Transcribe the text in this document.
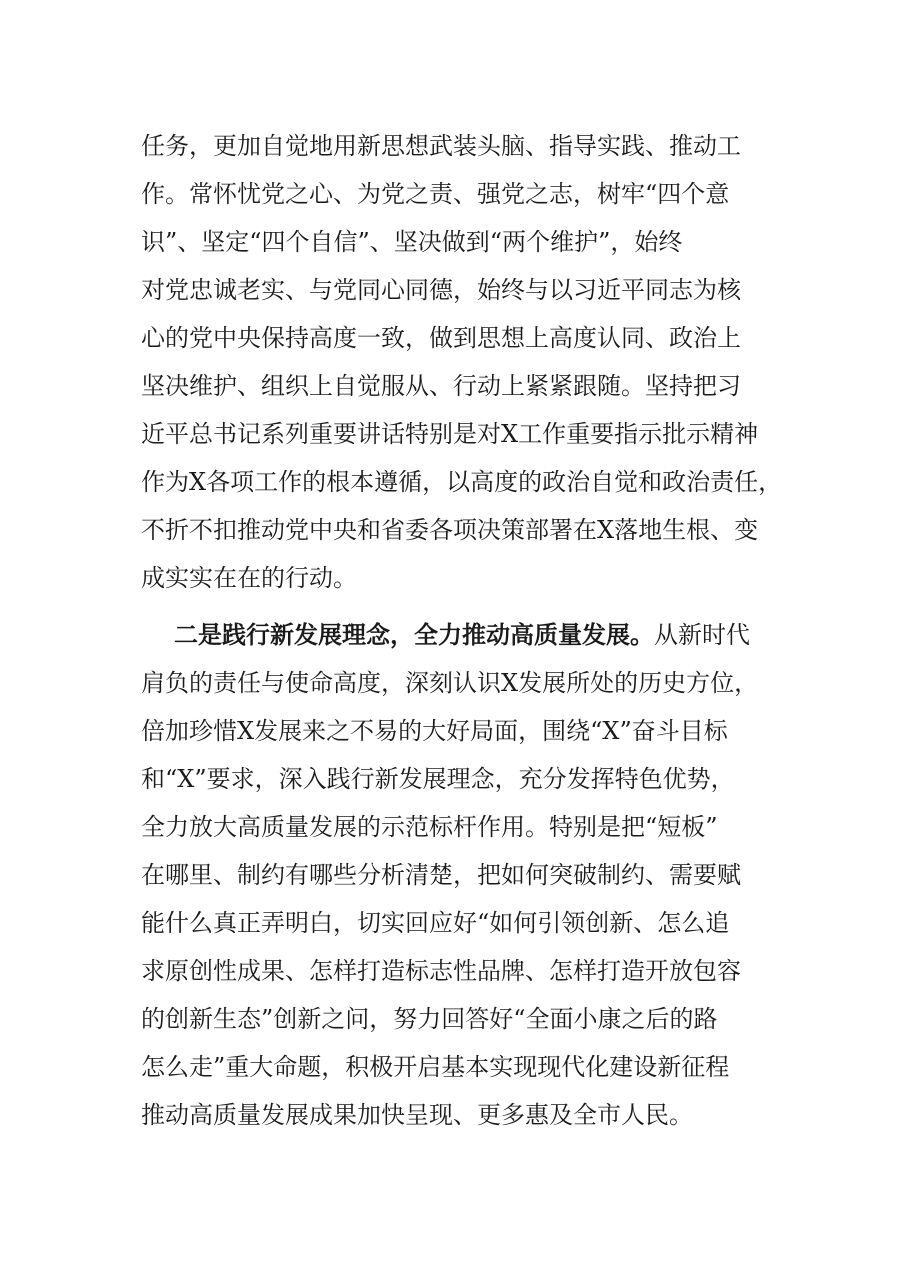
任务，更加自觉地用新思想武装头脑、指导实践、推动工
作。常怀忧党之心、为党之责、强党之志，树牢“四个意
识”、坚定“四个自信”、坚决做到“两个维护”，始终
对党忠诚老实、与党同心同德，始终与以习近平同志为核
心的党中央保持高度一致，做到思想上高度认同、政治上
坚决维护、组织上自觉服从、行动上紧紧跟随。坚持把习
近平总书记系列重要讲话特别是对X工作重要指示批示精神
作为X各项工作的根本遵循，以高度的政治自觉和政治责任，
不折不扣推动党中央和省委各项决策部署在X落地生根、变
成实实在在的行动。
二是践行新发展理念，全力推动高质量发展。从新时代
肩负的责任与使命高度，深刻认识X发展所处的历史方位，
倍加珍惜X发展来之不易的大好局面，围绕“X”奋斗目标
和“X”要求，深入践行新发展理念，充分发挥特色优势，
全力放大高质量发展的示范标杆作用。特别是把“短板”
在哪里、制约有哪些分析清楚，把如何突破制约、需要赋
能什么真正弄明白，切实回应好“如何引领创新、怎么追
求原创性成果、怎样打造标志性品牌、怎样打造开放包容
的创新生态”创新之问，努力回答好“全面小康之后的路
怎么走”重大命题，积极开启基本实现现代化建设新征程
推动高质量发展成果加快呈现、更多惠及全市人民。
